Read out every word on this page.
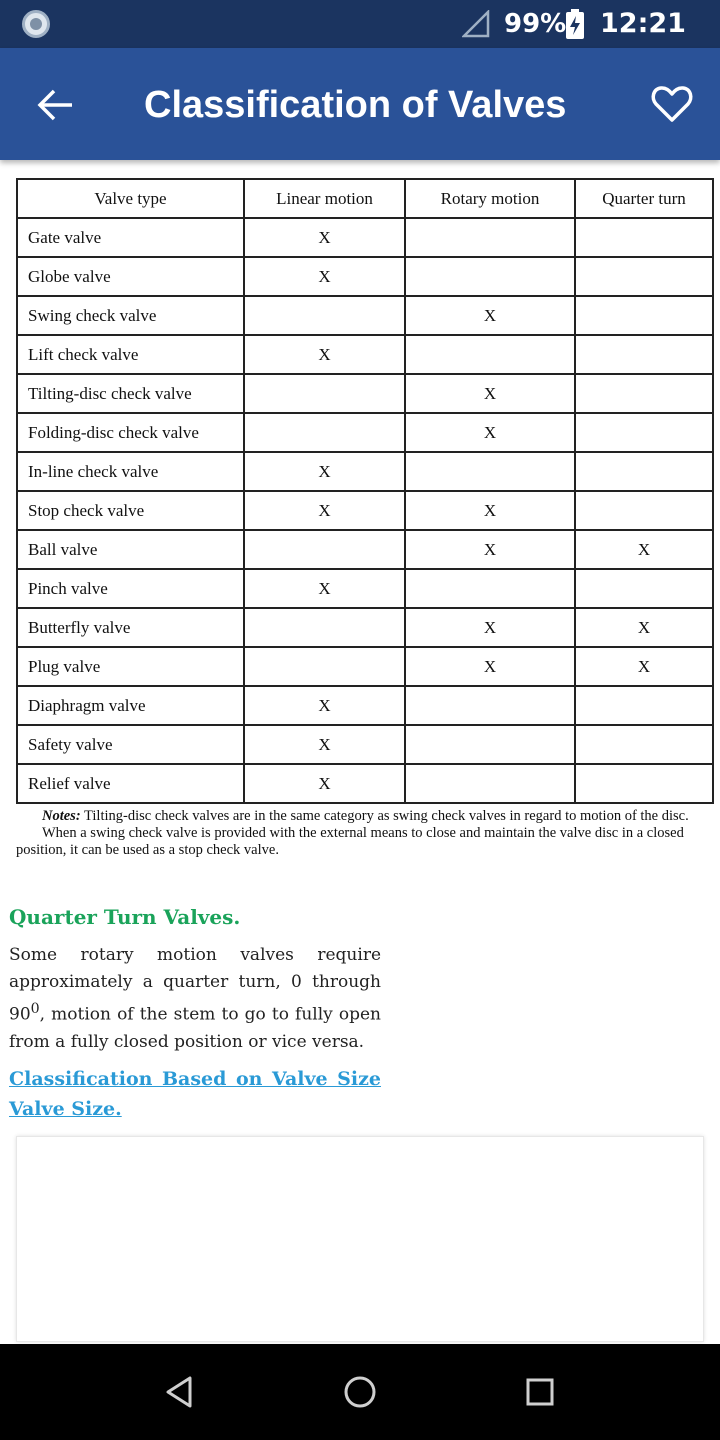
99% 12:21
Classification of Valves
Valve type	Linear motion	Rotary motion	Quarter turn
Gate valve	X		
Globe valve	X		
Swing check valve		X	
Lift check valve	X		
Tilting-disc check valve		X	
Folding-disc check valve		X	
In-line check valve	X		
Stop check valve	X	X	
Ball valve		X	X
Pinch valve	X		
Butterfly valve		X	X
Plug valve		X	X
Diaphragm valve	X		
Safety valve	X		
Relief valve	X		

Notes: Tilting-disc check valves are in the same category as swing check valves in regard to motion of the disc.

When a swing check valve is provided with the external means to close and maintain the valve disc in a closed position, it can be used as a stop check valve.

Quarter Turn Valves.
Some rotary motion valves require approximately a quarter turn, 0 through $90^0$, motion of the stem to go to fully open from a fully closed position or vice versa.
Classification Based on Valve Size Valve Size.
